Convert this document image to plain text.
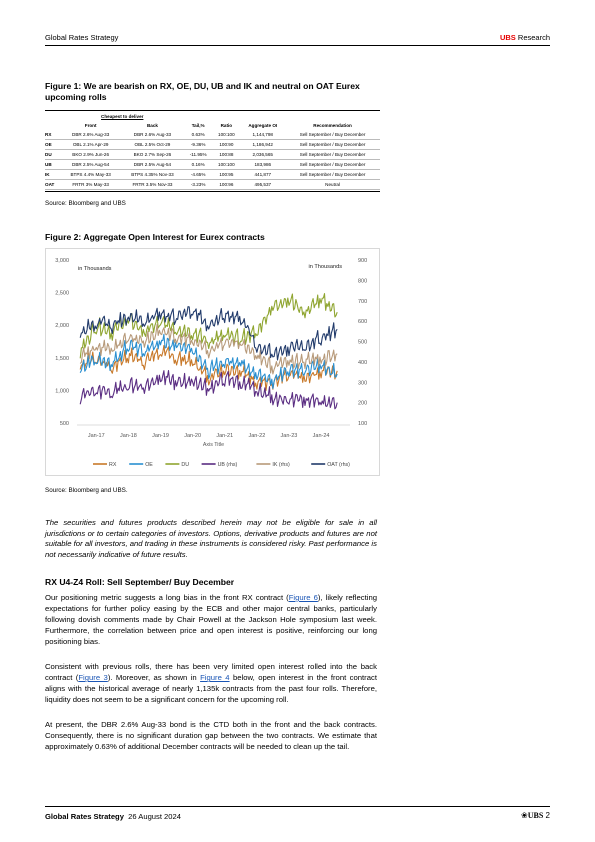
Global Rates Strategy	UBS Research
Figure 1: We are bearish on RX, OE, DU, UB and IK and neutral on OAT Eurex upcoming rolls
	Cheapest to deliver					
	Front	Back	Tail,%	Ratio	Aggregate OI	Recommendation
RX	DBR 2.6% Aug-33	DBR 2.6% Aug-33	0.63%	100:100	1,144,798	Sell September / Buy December
OE	OBL 2.1% Apr-29	OBL 2.5% Oct-29	-9.36%	100:90	1,186,942	Sell September / Buy December
DU	BKO 2.9% Jun-26	BKO 2.7% Sep-26	-11.95%	100:88	2,036,565	Sell September / Buy December
UB	DBR 2.5% Aug-54	DBR 2.5% Aug-54	0.16%	100:100	183,986	Sell September / Buy December
IK	BTPS 4.4% May-33	BTPS 4.35% Nov-33	-4.65%	100:95	441,877	Sell September / Buy December
OAT	FRTR 3% May-33	FRTR 3.5% Nov-33	-3.23%	100:96	495,537	Neutral
Source: Bloomberg and UBS
Figure 2: Aggregate Open Interest for Eurex contracts
500
1,000
1,500
2,000
2,500
3,000
100
200
300
400
500
600
700
800
900
in Thousands	in Thousands
Jan-17	Jan-18	Jan-19	Jan-20	Jan-21	Jan-22	Jan-23	Jan-24
Axis Title
RX	OE	DU	UB (rhs)	IK (rhs)	OAT (rhs)
Source: Bloomberg and UBS.
The securities and futures products described herein may not be eligible for sale in all jurisdictions or to certain categories of investors. Options, derivative products and futures are not suitable for all investors, and trading in these instruments is considered risky. Past performance is not necessarily indicative of future results.
RX U4-Z4 Roll: Sell September/ Buy December
Our positioning metric suggests a long bias in the front RX contract (Figure 6), likely reflecting expectations for further policy easing by the ECB and other major central banks, particularly following dovish comments made by Chair Powell at the Jackson Hole symposium last week. Furthermore, the correlation between price and open interest is positive, reinforcing our long positioning bias.
Consistent with previous rolls, there has been very limited open interest rolled into the back contract (Figure 3). Moreover, as shown in Figure 4 below, open interest in the front contract aligns with the historical average of nearly 1,135k contracts from the past four rolls. Therefore, liquidity does not seem to be a significant concern for the upcoming roll.
At present, the DBR 2.6% Aug-33 bond is the CTD both in the front and the back contracts. Consequently, there is no significant duration gap between the two contracts. We estimate that approximately 0.63% of additional December contracts will be needed to clean up the tail.
Global Rates Strategy 26 August 2024	❀UBS 2
